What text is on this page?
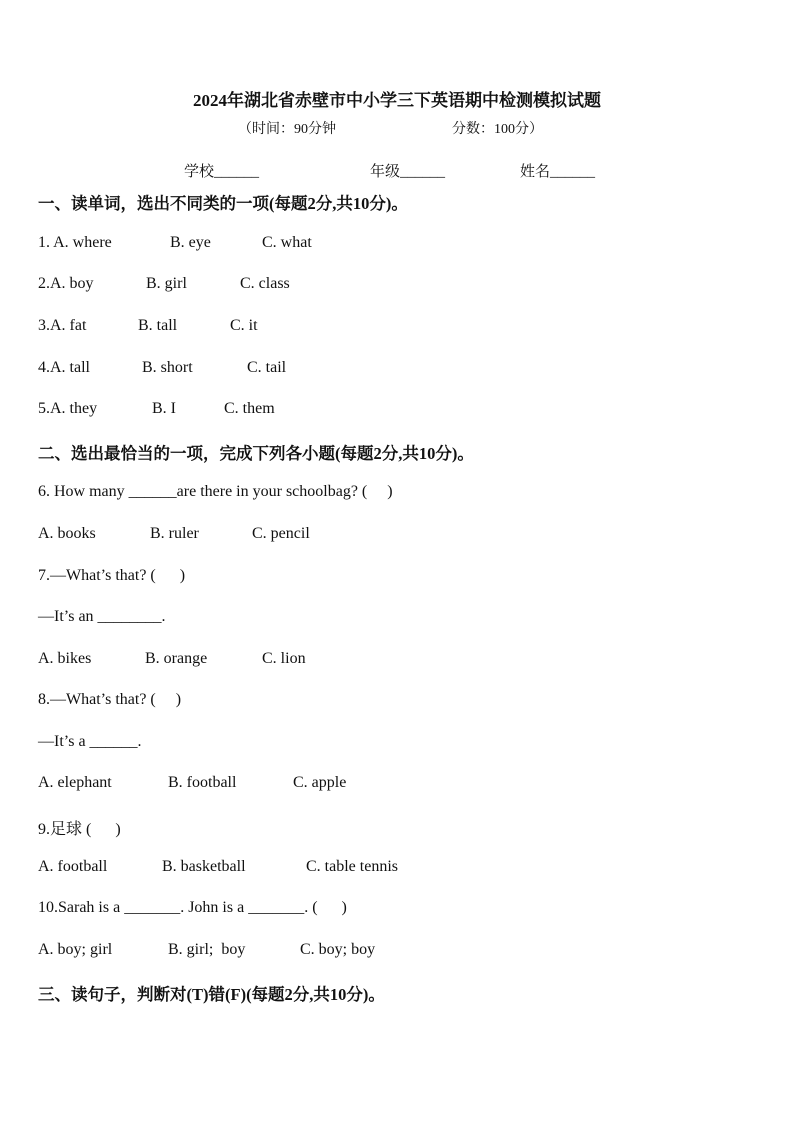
2024年湖北省赤壁市中小学三下英语期中检测模拟试题
（时间：90分钟	分数：100分）
学校______	年级______	姓名______
一、读单词，选出不同类的一项(每题2分,共10分)。
1. A. where	B. eye	C. what
2.A. boy	B. girl	C. class
3.A. fat	B. tall	C. it
4.A. tall	B. short	C. tail
5.A. they	B. I	C. them
二、选出最恰当的一项，完成下列各小题(每题2分,共10分)。
6. How many ______are there in your schoolbag? (     )
A. books	B. ruler	C. pencil
7.—What’s that? (      )
—It’s an ________.
A. bikes	B. orange	C. lion
8.—What’s that? (     )
—It’s a ______.
A. elephant	B. football	C. apple
9.足球 (      )
A. football	B. basketball	C. table tennis
10.Sarah is a _______. John is a _______. (      )
A. boy; girl	B. girl;  boy	C. boy; boy
三、读句子，判断对(T)错(F)(每题2分,共10分)。
